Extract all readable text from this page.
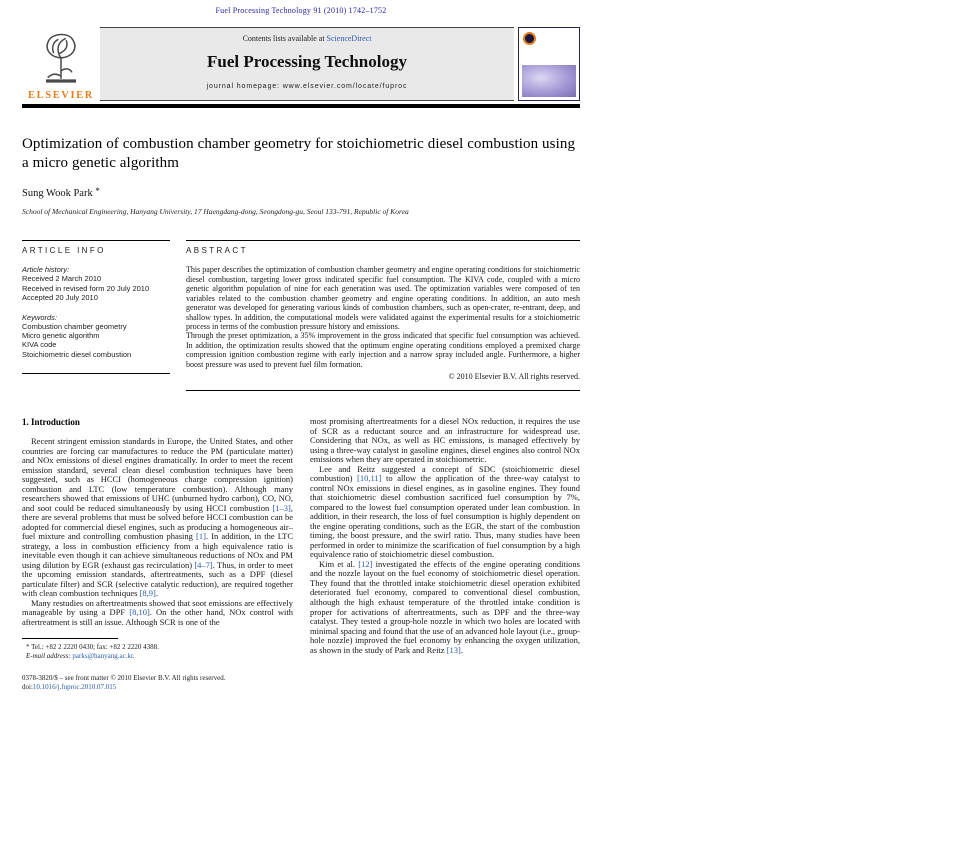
Fuel Processing Technology 91 (2010) 1742–1752
ELSEVIER
Contents lists available at ScienceDirect
Fuel Processing Technology
journal homepage: www.elsevier.com/locate/fuproc
Fuel Processing Technology
Optimization of combustion chamber geometry for stoichiometric diesel combustion using a micro genetic algorithm
Sung Wook Park *
School of Mechanical Engineering, Hanyang University, 17 Haengdang-dong, Seongdong-gu, Seoul 133-791, Republic of Korea
ARTICLE INFO
Article history:
Received 2 March 2010
Received in revised form 20 July 2010
Accepted 20 July 2010
Keywords:
Combustion chamber geometry
Micro genetic algorithm
KIVA code
Stoichiometric diesel combustion
ABSTRACT

This paper describes the optimization of combustion chamber geometry and engine operating conditions for stoichiometric diesel combustion, targeting lower gross indicated specific fuel consumption. The KIVA code, coupled with a micro genetic algorithm population of nine for each generation was used. The optimization variables were composed of ten variables related to the combustion chamber geometry and engine operating conditions. In addition, an auto mesh generator was developed for generating various kinds of combustion chambers, such as open-crater, re-entrant, deep, and shallow types. In addition, the computational models were validated against the experimental results for a stoichiometric process in terms of the combustion pressure history and emissions.

Through the preset optimization, a 35% improvement in the gross indicated that specific fuel consumption was achieved. In addition, the optimization results showed that the optimum engine operating conditions employed a premixed charge compression ignition combustion regime with early injection and a narrow spray included angle. Furthermore, a higher boost pressure was used to prevent fuel film formation.

© 2010 Elsevier B.V. All rights reserved.
1. Introduction

Recent stringent emission standards in Europe, the United States, and other countries are forcing car manufactures to reduce the PM (particulate matter) and NOx emissions of diesel engines dramatically. In order to meet the recent emission standard, several clean diesel combustion techniques have been suggested, such as HCCI (homogeneous charge compression ignition) combustion and LTC (low temperature combustion). Although many researchers showed that emissions of UHC (unburned hydro carbon), CO, NO, and soot could be reduced simultaneously by using HCCI combustion [1–3], there are several problems that must be solved before HCCI combustion can be adopted for commercial diesel engines, such as producing a homogeneous air–fuel mixture and controlling combustion phasing [1]. In addition, in the LTC strategy, a loss in combustion efficiency from a high equivalence ratio is inevitable even though it can achieve simultaneous reductions of NOx and PM using dilution by EGR (exhaust gas recirculation) [4–7]. Thus, in order to meet the upcoming emission standards, aftertreatments, such as a DPF (diesel particulate filter) and SCR (selective catalytic reduction), are required together with clean combustion techniques [8,9].

Many restudies on aftertreatments showed that soot emissions are effectively manageable by using a DPF [8,10]. On the other hand, NOx control with aftertreatment is still an issue. Although SCR is one of the

* Tel.: +82 2 2220 0430; fax: +82 2 2220 4388.
E-mail address: parks@hanyang.ac.kr.
0378-3820/$ – see front matter © 2010 Elsevier B.V. All rights reserved.
doi:10.1016/j.fuproc.2010.07.015

most promising aftertreatments for a diesel NOx reduction, it requires the use of SCR as a reductant source and an infrastructure for widespread use. Considering that NOx, as well as HC emissions, is managed effectively by using a three-way catalyst in gasoline engines, diesel engines also control NOx emissions when they are operated in stoichiometric.

Lee and Reitz suggested a concept of SDC (stoichiometric diesel combustion) [10,11] to allow the application of the three-way catalyst to control NOx emissions in diesel engines, as in gasoline engines. They found that stoichiometric diesel combustion sacrificed fuel consumption by 7%, compared to the lowest fuel consumption operated under lean combustion. In addition, in their research, the loss of fuel consumption is highly dependent on the engine operating conditions, such as the EGR, the start of the combustion timing, the boost pressure, and the swirl ratio. Thus, many studies have been performed in order to minimize the scarification of fuel consumption by a high equivalence ratio of stoichiometric diesel combustion.

Kim et al. [12] investigated the effects of the engine operating conditions and the nozzle layout on the fuel economy of stoichiometric diesel operation. They found that the throttled intake stoichiometric diesel operation exhibited deteriorated fuel economy, compared to conventional diesel combustion, although the high exhaust temperature of the throttled intake condition is proper for activations of aftertreatments, such as DPF and the three-way catalyst. They tested a group-hole nozzle in which two holes are located with minimal spacing and found that the use of an advanced hole layout (i.e., group-hole nozzle) improved the fuel economy by enhancing the oxygen utilization, as shown in the study of Park and Reitz [13].
